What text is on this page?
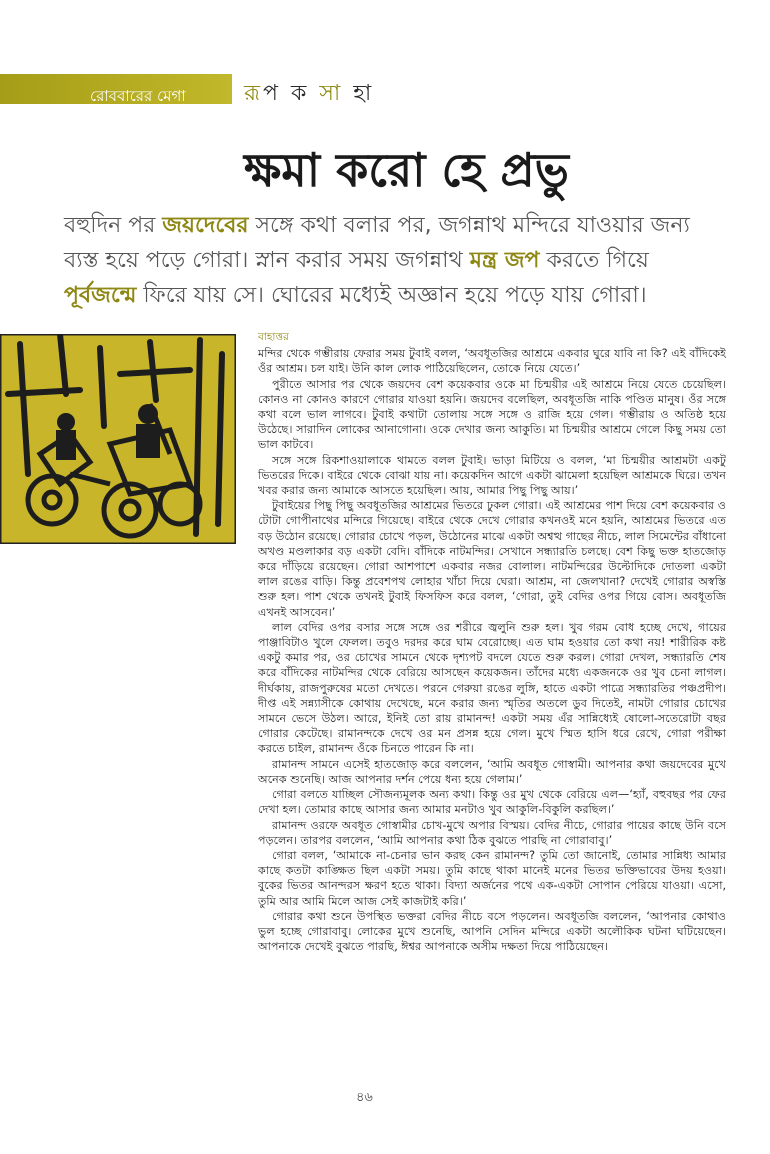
রোববারের মেগা	রূপ ক সা হা
ক্ষমা করো হে প্রভু
বহুদিন পর জয়দেবের সঙ্গে কথা বলার পর, জগন্নাথ মন্দিরে যাওয়ার জন্য ব্যস্ত হয়ে পড়ে গোরা। স্নান করার সময় জগন্নাথ মন্ত্র জপ করতে গিয়ে পূর্বজন্মে ফিরে যায় সে। ঘোরের মধ্যেই অজ্ঞান হয়ে পড়ে যায় গোরা।
বাহাত্তর

মন্দির থেকে গম্ভীরায় ফেরার সময় টুবাই বলল, ‘অবধূতজির আশ্রমে একবার ঘুরে যাবি না কি? এই বাঁদিকেই ওঁর আশ্রম। চল যাই। উনি কাল লোক পাঠিয়েছিলেন, তোকে নিয়ে যেতে।’

পুরীতে আসার পর থেকে জয়দেব বেশ কয়েকবার ওকে মা চিন্ময়ীর এই আশ্রমে নিয়ে যেতে চেয়েছিল। কোনও না কোনও কারণে গোরার যাওয়া হয়নি। জয়দেব বলেছিল, অবধূতজি নাকি পণ্ডিত মানুষ। ওঁর সঙ্গে কথা বলে ভাল লাগবে। টুবাই কথাটা তোলায় সঙ্গে সঙ্গে ও রাজি হয়ে গেল। গম্ভীরায় ও অতিষ্ঠ হয়ে উঠেছে। সারাদিন লোকের আনাগোনা। ওকে দেখার জন্য আকুতি। মা চিন্ময়ীর আশ্রমে গেলে কিছু সময় তো ভাল কাটবে।

সঙ্গে সঙ্গে রিকশাওয়ালাকে থামতে বলল টুবাই। ভাড়া মিটিয়ে ও বলল, ‘মা চিন্ময়ীর আশ্রমটা একটু ভিতরের দিকে। বাইরে থেকে বোঝা যায় না। কয়েকদিন আগে একটা ঝামেলা হয়েছিল আশ্রমকে ঘিরে। তখন খবর করার জন্য আমাকে আসতে হয়েছিল। আয়, আমার পিছু পিছু আয়।’

টুবাইয়ের পিছু পিছু অবধূতজির আশ্রমের ভিতরে ঢুকল গোরা। এই আশ্রমের পাশ দিয়ে বেশ কয়েকবার ও টোটা গোপীনাথের মন্দিরে গিয়েছে। বাইরে থেকে দেখে গোরার কখনওই মনে হয়নি, আশ্রমের ভিতরে এত বড় উঠোন রয়েছে। গোরার চোখে পড়ল, উঠোনের মাঝে একটা অশ্বত্থ গাছের নীচে, লাল সিমেন্টের বাঁধানো অখণ্ড মণ্ডলাকার বড় একটা বেদি। বাঁদিকে নাটমন্দির। সেখানে সন্ধ্যারতি চলছে। বেশ কিছু ভক্ত হাতজোড় করে দাঁড়িয়ে রয়েছেন। গোরা আশপাশে একবার নজর বোলাল। নাটমন্দিরের উল্টোদিকে দোতলা একটা লাল রঙের বাড়ি। কিন্তু প্রবেশপথ লোহার খাঁচা দিয়ে ঘেরা। আশ্রম, না জেলখানা? দেখেই গোরার অস্বস্তি শুরু হল। পাশ থেকে তখনই টুবাই ফিসফিস করে বলল, ‘গোরা, তুই বেদির ওপর গিয়ে বোস। অবধূতজি এখনই আসবেন।’

লাল বেদির ওপর বসার সঙ্গে সঙ্গে ওর শরীরে জ্বলুনি শুরু হল। খুব গরম বোধ হচ্ছে দেখে, গায়ের পাঞ্জাবিটাও খুলে ফেলল। তবুও দরদর করে ঘাম বেরোচ্ছে। এত ঘাম হওয়ার তো কথা নয়! শারীরিক কষ্ট একটু কমার পর, ওর চোখের সামনে থেকে দৃশ্যপট বদলে যেতে শুরু করল। গোরা দেখল, সন্ধ্যারতি শেষ করে বাঁদিকের নাটমন্দির থেকে বেরিয়ে আসছেন কয়েকজন। তাঁদের মধ্যে একজনকে ওর খুব চেনা লাগল। দীর্ঘকায়, রাজপুরুষের মতো দেখতে। পরনে গেরুয়া রঙের লুঙ্গি, হাতে একটা পাত্রে সন্ধ্যারতির পঞ্চপ্রদীপ। দীপ্ত এই সন্ন্যাসীকে কোথায় দেখেছে, মনে করার জন্য স্মৃতির অতলে ডুব দিতেই, নামটা গোরার চোখের সামনে ভেসে উঠল। আরে, ইনিই তো রায় রামানন্দ! একটা সময় এঁর সান্নিধ্যেই ষোলো-সতেরোটা বছর গোরার কেটেছে। রামানন্দকে দেখে ওর মন প্রসন্ন হয়ে গেল। মুখে স্মিত হাসি ধরে রেখে, গোরা পরীক্ষা করতে চাইল, রামানন্দ ওঁকে চিনতে পারেন কি না।

রামানন্দ সামনে এসেই হাতজোড় করে বললেন, ‘আমি অবধূত গোস্বামী। আপনার কথা জয়দেবের মুখে অনেক শুনেছি। আজ আপনার দর্শন পেয়ে ধন্য হয়ে গেলাম।’

গোরা বলতে যাচ্ছিল সৌজন্যমূলক অন্য কথা। কিন্তু ওর মুখ থেকে বেরিয়ে এল—‘হ্যাঁ, বহুবছর পর ফের দেখা হল। তোমার কাছে আসার জন্য আমার মনটাও খুব আকুলি-বিকুলি করছিল।’

রামানন্দ ওরফে অবধূত গোস্বামীর চোখ-মুখে অপার বিস্ময়। বেদির নীচে, গোরার পায়ের কাছে উনি বসে পড়লেন। তারপর বললেন, ‘আমি আপনার কথা ঠিক বুঝতে পারছি না গোরাবাবু।’

গোরা বলল, ‘আমাকে না-চেনার ভান করছ কেন রামানন্দ? তুমি তো জানোই, তোমার সান্নিধ্য আমার কাছে কতটা কাঙ্ক্ষিত ছিল একটা সময়। তুমি কাছে থাকা মানেই মনের ভিতর ভক্তিভাবের উদয় হওয়া। বুকের ভিতর আনন্দরস ক্ষরণ হতে থাকা। বিদ্যা অর্জনের পথে এক-একটা সোপান পেরিয়ে যাওয়া। এসো, তুমি আর আমি মিলে আজ সেই কাজটাই করি।’

গোরার কথা শুনে উপস্থিত ভক্তরা বেদির নীচে বসে পড়লেন। অবধূতজি বললেন, ‘আপনার কোথাও ভুল হচ্ছে গোরাবাবু। লোকের মুখে শুনেছি, আপনি সেদিন মন্দিরে একটা অলৌকিক ঘটনা ঘটিয়েছেন। আপনাকে দেখেই বুঝতে পারছি, ঈশ্বর আপনাকে অসীম দক্ষতা দিয়ে পাঠিয়েছেন।

৪৬
